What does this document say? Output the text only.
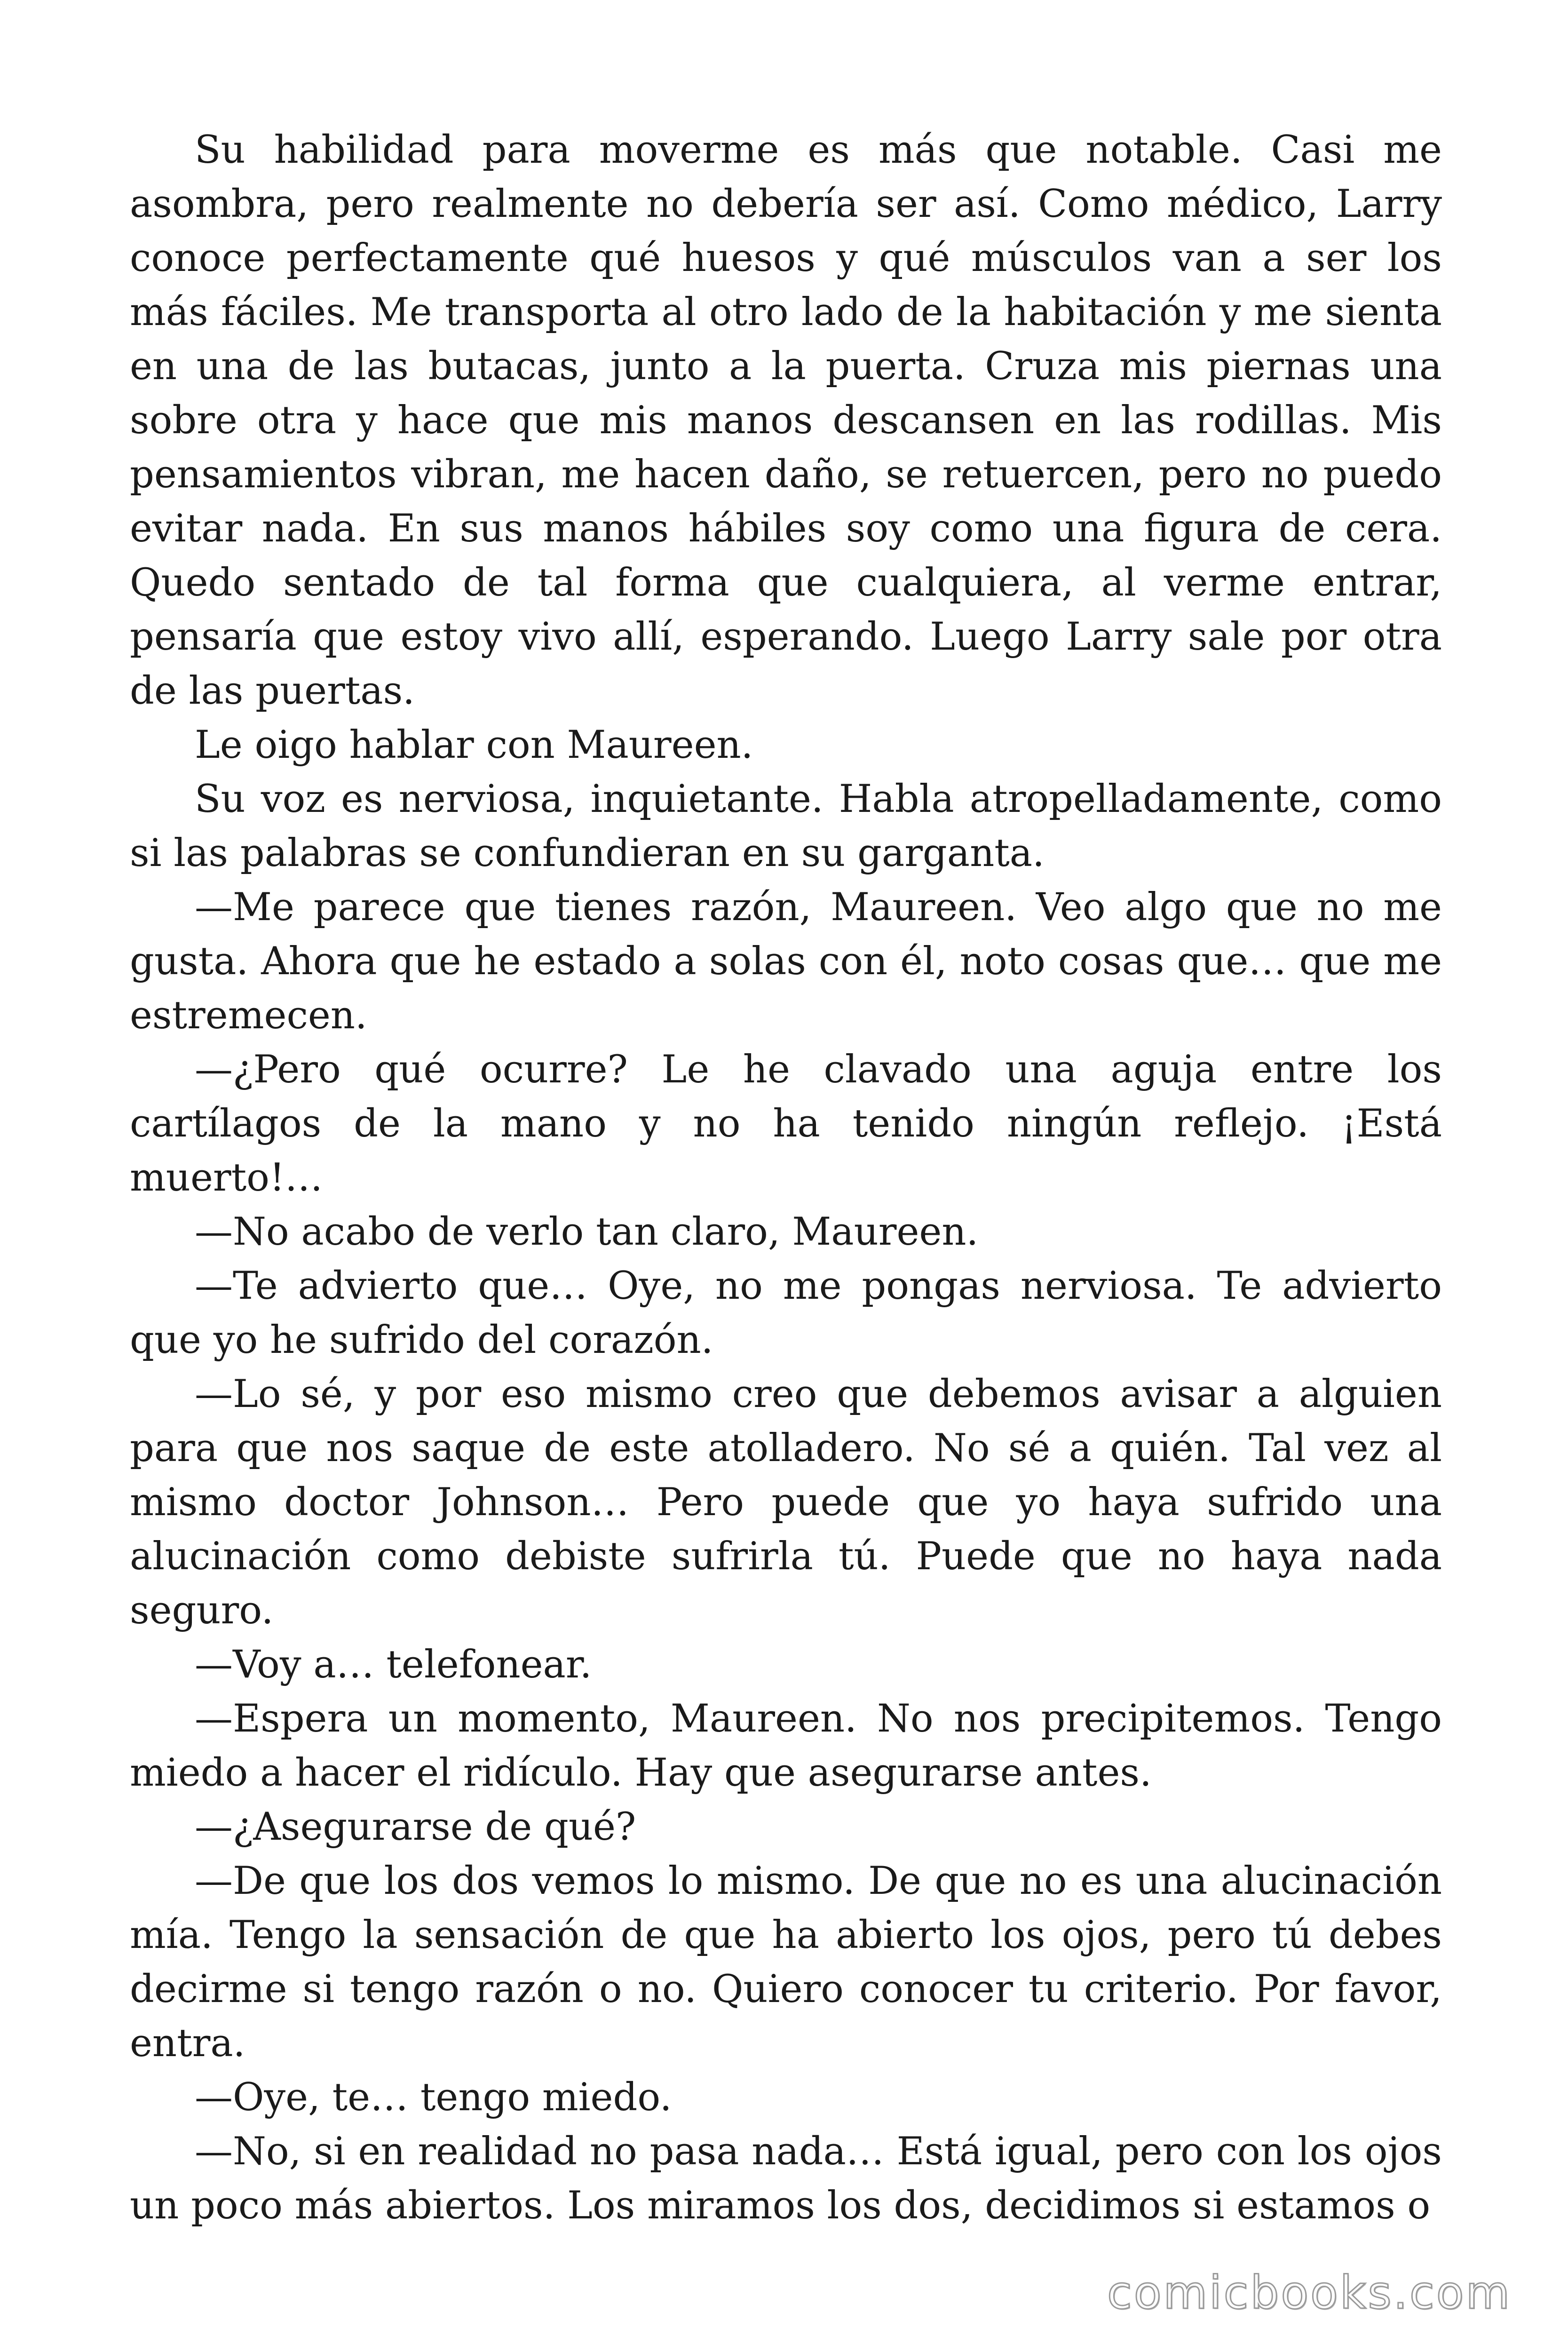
Su habilidad para moverme es más que notable. Casi me asombra, pero realmente no debería ser así. Como médico, Larry conoce perfectamente qué huesos y qué músculos van a ser los más fáciles. Me transporta al otro lado de la habitación y me sienta en una de las butacas, junto a la puerta. Cruza mis piernas una sobre otra y hace que mis manos descansen en las rodillas. Mis pensamientos vibran, me hacen daño, se retuercen, pero no puedo evitar nada. En sus manos hábiles soy como una figura de cera. Quedo sentado de tal forma que cualquiera, al verme entrar, pensaría que estoy vivo allí, esperando. Luego Larry sale por otra de las puertas.

Le oigo hablar con Maureen.

Su voz es nerviosa, inquietante. Habla atropelladamente, como si las palabras se confundieran en su garganta.

—Me parece que tienes razón, Maureen. Veo algo que no me gusta. Ahora que he estado a solas con él, noto cosas que… que me estremecen.

—¿Pero qué ocurre? Le he clavado una aguja entre los cartílagos de la mano y no ha tenido ningún reflejo. ¡Está muerto!…

—No acabo de verlo tan claro, Maureen.

—Te advierto que… Oye, no me pongas nerviosa. Te advierto que yo he sufrido del corazón.

—Lo sé, y por eso mismo creo que debemos avisar a alguien para que nos saque de este atolladero. No sé a quién. Tal vez al mismo doctor Johnson… Pero puede que yo haya sufrido una alucinación como debiste sufrirla tú. Puede que no haya nada seguro.

—Voy a… telefonear.

—Espera un momento, Maureen. No nos precipitemos. Tengo miedo a hacer el ridículo. Hay que asegurarse antes.

—¿Asegurarse de qué?

—De que los dos vemos lo mismo. De que no es una alucinación mía. Tengo la sensación de que ha abierto los ojos, pero tú debes decirme si tengo razón o no. Quiero conocer tu criterio. Por favor, entra.

—Oye, te… tengo miedo.

—No, si en realidad no pasa nada… Está igual, pero con los ojos un poco más abiertos. Los miramos los dos, decidimos si estamos o

comicbooks.com
